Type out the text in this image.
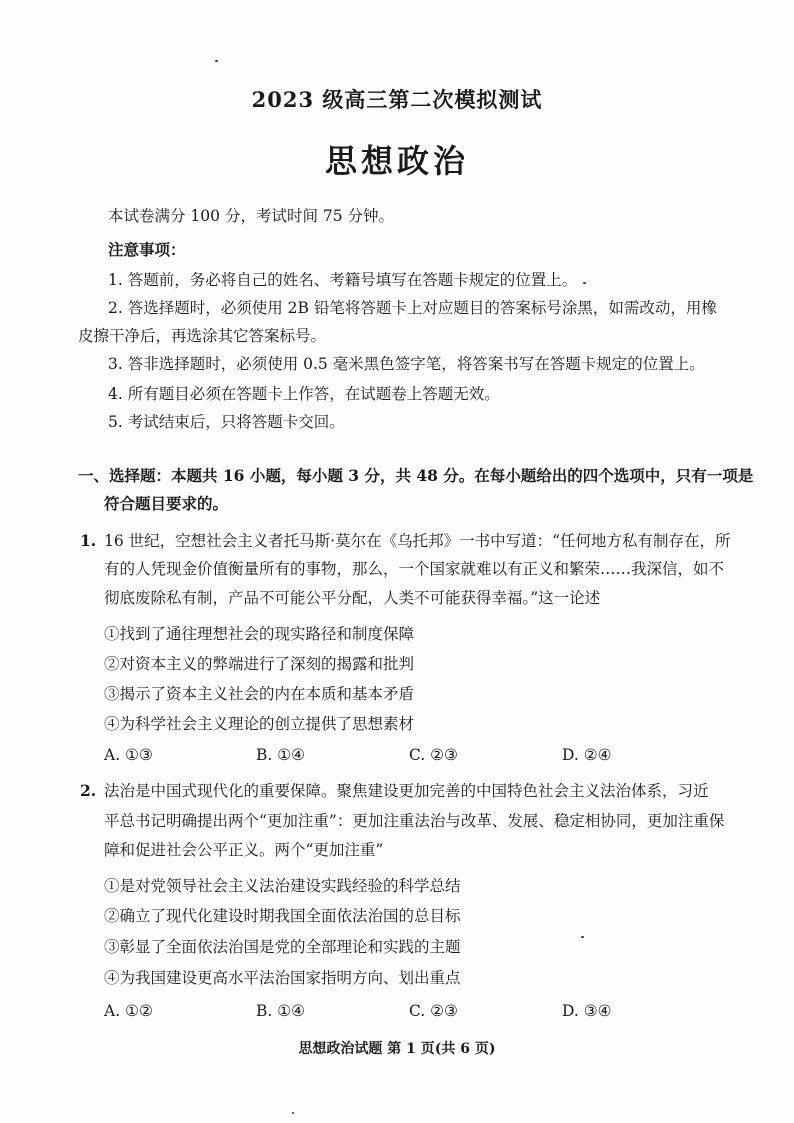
2023 级高三第二次模拟测试
思想政治
本试卷满分 100 分，考试时间 75 分钟。
注意事项：
1. 答题前，务必将自己的姓名、考籍号填写在答题卡规定的位置上。
2. 答选择题时，必须使用 2B 铅笔将答题卡上对应题目的答案标号涂黑，如需改动，用橡
皮擦干净后，再选涂其它答案标号。
3. 答非选择题时，必须使用 0.5 毫米黑色签字笔，将答案书写在答题卡规定的位置上。
4. 所有题目必须在答题卡上作答，在试题卷上答题无效。
5. 考试结束后，只将答题卡交回。
一、选择题：本题共 16 小题，每小题 3 分，共 48 分。在每小题给出的四个选项中，只有一项是
符合题目要求的。
1. 16 世纪，空想社会主义者托马斯·莫尔在《乌托邦》一书中写道：“任何地方私有制存在，所
有的人凭现金价值衡量所有的事物，那么，一个国家就难以有正义和繁荣……我深信，如不
彻底废除私有制，产品不可能公平分配，人类不可能获得幸福。”这一论述
①找到了通往理想社会的现实路径和制度保障
②对资本主义的弊端进行了深刻的揭露和批判
③揭示了资本主义社会的内在本质和基本矛盾
④为科学社会主义理论的创立提供了思想素材
A. ①③	B. ①④	C. ②③	D. ②④
2. 法治是中国式现代化的重要保障。聚焦建设更加完善的中国特色社会主义法治体系，习近
平总书记明确提出两个“更加注重”：更加注重法治与改革、发展、稳定相协同，更加注重保
障和促进社会公平正义。两个“更加注重”
①是对党领导社会主义法治建设实践经验的科学总结
②确立了现代化建设时期我国全面依法治国的总目标
③彰显了全面依法治国是党的全部理论和实践的主题
④为我国建设更高水平法治国家指明方向、划出重点
A. ①②	B. ①④	C. ②③	D. ③④
思想政治试题 第 1 页(共 6 页)
